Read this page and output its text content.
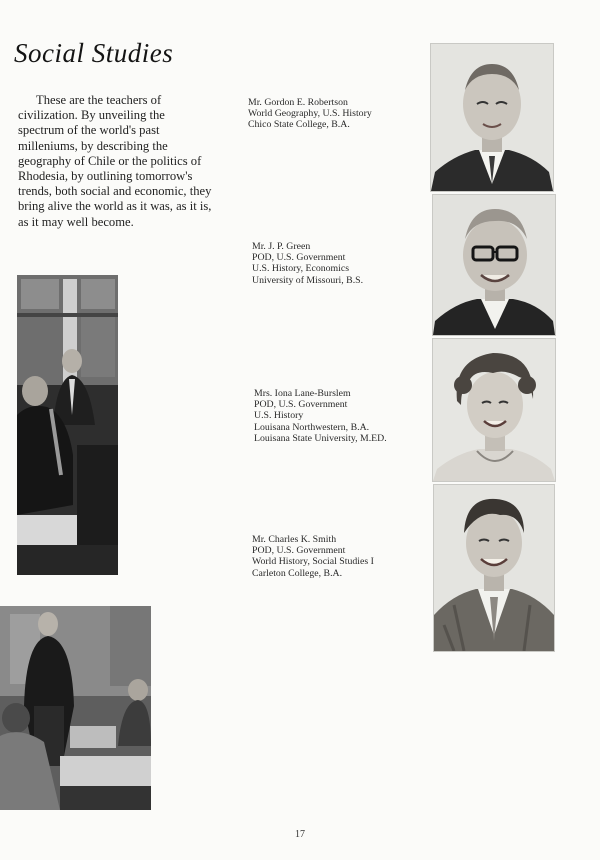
Social Studies

These are the teachers of civilization. By unveiling the spectrum of the world's past milleniums, by describing the geography of Chile or the politics of Rhodesia, by outlining tomorrow's trends, both social and economic, they bring alive the world as it was, as it is, as it may well become.

Mr. Gordon E. Robertson
World Geography, U.S. History
Chico State College, B.A.
Mr. J. P. Green
POD, U.S. Government
U.S. History, Economics
University of Missouri, B.S.
Mrs. Iona Lane-Burslem
POD, U.S. Government
U.S. History
Louisana Northwestern, B.A.
Louisana State University, M.ED.
Mr. Charles K. Smith
POD, U.S. Government
World History, Social Studies I
Carleton College, B.A.
17
